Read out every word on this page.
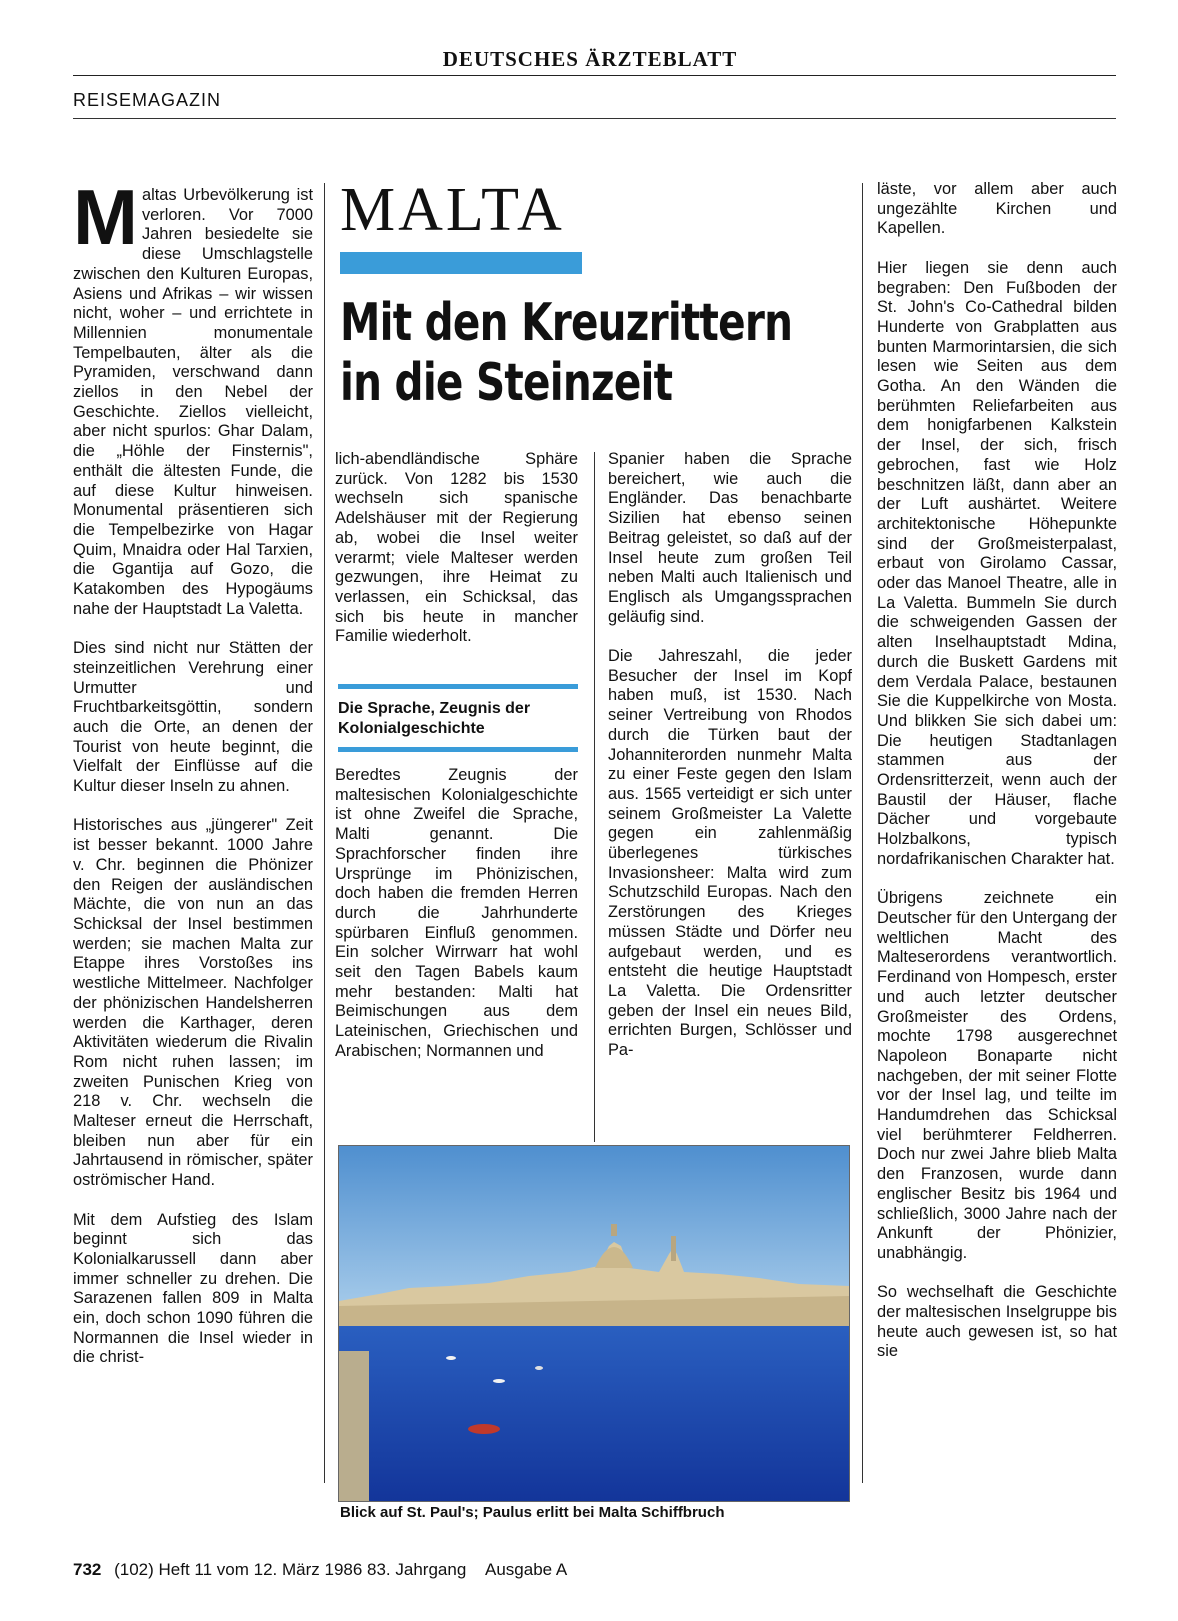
DEUTSCHES ÄRZTEBLATT
REISEMAGAZIN

Maltas Urbevölkerung ist verloren. Vor 7000 Jahren besiedelte sie diese Umschlagstelle zwischen den Kulturen Europas, Asiens und Afrikas – wir wissen nicht, woher – und errichtete in Millennien monumentale Tempelbauten, älter als die Pyramiden, verschwand dann ziellos in den Nebel der Geschichte. Ziellos vielleicht, aber nicht spurlos: Ghar Dalam, die „Höhle der Finsternis", enthält die ältesten Funde, die auf diese Kultur hinweisen. Monumental präsentieren sich die Tempelbezirke von Hagar Quim, Mnaidra oder Hal Tarxien, die Ggantija auf Gozo, die Katakomben des Hypogäums nahe der Hauptstadt La Valetta.

Dies sind nicht nur Stätten der steinzeitlichen Verehrung einer Urmutter und Fruchtbarkeitsgöttin, sondern auch die Orte, an denen der Tourist von heute beginnt, die Vielfalt der Einflüsse auf die Kultur dieser Inseln zu ahnen.

Historisches aus „jüngerer" Zeit ist besser bekannt. 1000 Jahre v. Chr. beginnen die Phönizer den Reigen der ausländischen Mächte, die von nun an das Schicksal der Insel bestimmen werden; sie machen Malta zur Etappe ihres Vorstoßes ins westliche Mittelmeer. Nachfolger der phönizischen Handelsherren werden die Karthager, deren Aktivitäten wiederum die Rivalin Rom nicht ruhen lassen; im zweiten Punischen Krieg von 218 v. Chr. wechseln die Malteser erneut die Herrschaft, bleiben nun aber für ein Jahrtausend in römischer, später oströmischer Hand.

Mit dem Aufstieg des Islam beginnt sich das Kolonialkarussell dann aber immer schneller zu drehen. Die Sarazenen fallen 809 in Malta ein, doch schon 1090 führen die Normannen die Insel wieder in die christ-

MALTA
Mit den Kreuzrittern
in die Steinzeit

lich-abendländische Sphäre zurück. Von 1282 bis 1530 wechseln sich spanische Adelshäuser mit der Regierung ab, wobei die Insel weiter verarmt; viele Malteser werden gezwungen, ihre Heimat zu verlassen, ein Schicksal, das sich bis heute in mancher Familie wiederholt.

Die Sprache, Zeugnis der Kolonialgeschichte

Beredtes Zeugnis der maltesischen Kolonialgeschichte ist ohne Zweifel die Sprache, Malti genannt. Die Sprachforscher finden ihre Ursprünge im Phönizischen, doch haben die fremden Herren durch die Jahrhunderte spürbaren Einfluß genommen. Ein solcher Wirrwarr hat wohl seit den Tagen Babels kaum mehr bestanden: Malti hat Beimischungen aus dem Lateinischen, Griechischen und Arabischen; Normannen und

Spanier haben die Sprache bereichert, wie auch die Engländer. Das benachbarte Sizilien hat ebenso seinen Beitrag geleistet, so daß auf der Insel heute zum großen Teil neben Malti auch Italienisch und Englisch als Umgangssprachen geläufig sind.

Die Jahreszahl, die jeder Besucher der Insel im Kopf haben muß, ist 1530. Nach seiner Vertreibung von Rhodos durch die Türken baut der Johanniterorden nunmehr Malta zu einer Feste gegen den Islam aus. 1565 verteidigt er sich unter seinem Großmeister La Valette gegen ein zahlenmäßig überlegenes türkisches Invasionsheer: Malta wird zum Schutzschild Europas. Nach den Zerstörungen des Krieges müssen Städte und Dörfer neu aufgebaut werden, und es entsteht die heutige Hauptstadt La Valetta. Die Ordensritter geben der Insel ein neues Bild, errichten Burgen, Schlösser und Pa-

Blick auf St. Paul's; Paulus erlitt bei Malta Schiffbruch

läste, vor allem aber auch ungezählte Kirchen und Kapellen.

Hier liegen sie denn auch begraben: Den Fußboden der St. John's Co-Cathedral bilden Hunderte von Grabplatten aus bunten Marmorintarsien, die sich lesen wie Seiten aus dem Gotha. An den Wänden die berühmten Reliefarbeiten aus dem honigfarbenen Kalkstein der Insel, der sich, frisch gebrochen, fast wie Holz beschnitzen läßt, dann aber an der Luft aushärtet. Weitere architektonische Höhepunkte sind der Großmeisterpalast, erbaut von Girolamo Cassar, oder das Manoel Theatre, alle in La Valetta. Bummeln Sie durch die schweigenden Gassen der alten Inselhauptstadt Mdina, durch die Buskett Gardens mit dem Verdala Palace, bestaunen Sie die Kuppelkirche von Mosta. Und blikken Sie sich dabei um: Die heutigen Stadtanlagen stammen aus der Ordensritterzeit, wenn auch der Baustil der Häuser, flache Dächer und vorgebaute Holzbalkons, typisch nordafrikanischen Charakter hat.

Übrigens zeichnete ein Deutscher für den Untergang der weltlichen Macht des Malteserordens verantwortlich. Ferdinand von Hompesch, erster und auch letzter deutscher Großmeister des Ordens, mochte 1798 ausgerechnet Napoleon Bonaparte nicht nachgeben, der mit seiner Flotte vor der Insel lag, und teilte im Handumdrehen das Schicksal viel berühmterer Feldherren. Doch nur zwei Jahre blieb Malta den Franzosen, wurde dann englischer Besitz bis 1964 und schließlich, 3000 Jahre nach der Ankunft der Phönizier, unabhängig.

So wechselhaft die Geschichte der maltesischen Inselgruppe bis heute auch gewesen ist, so hat sie

732 (102) Heft 11 vom 12. März 1986 83. Jahrgang Ausgabe A
